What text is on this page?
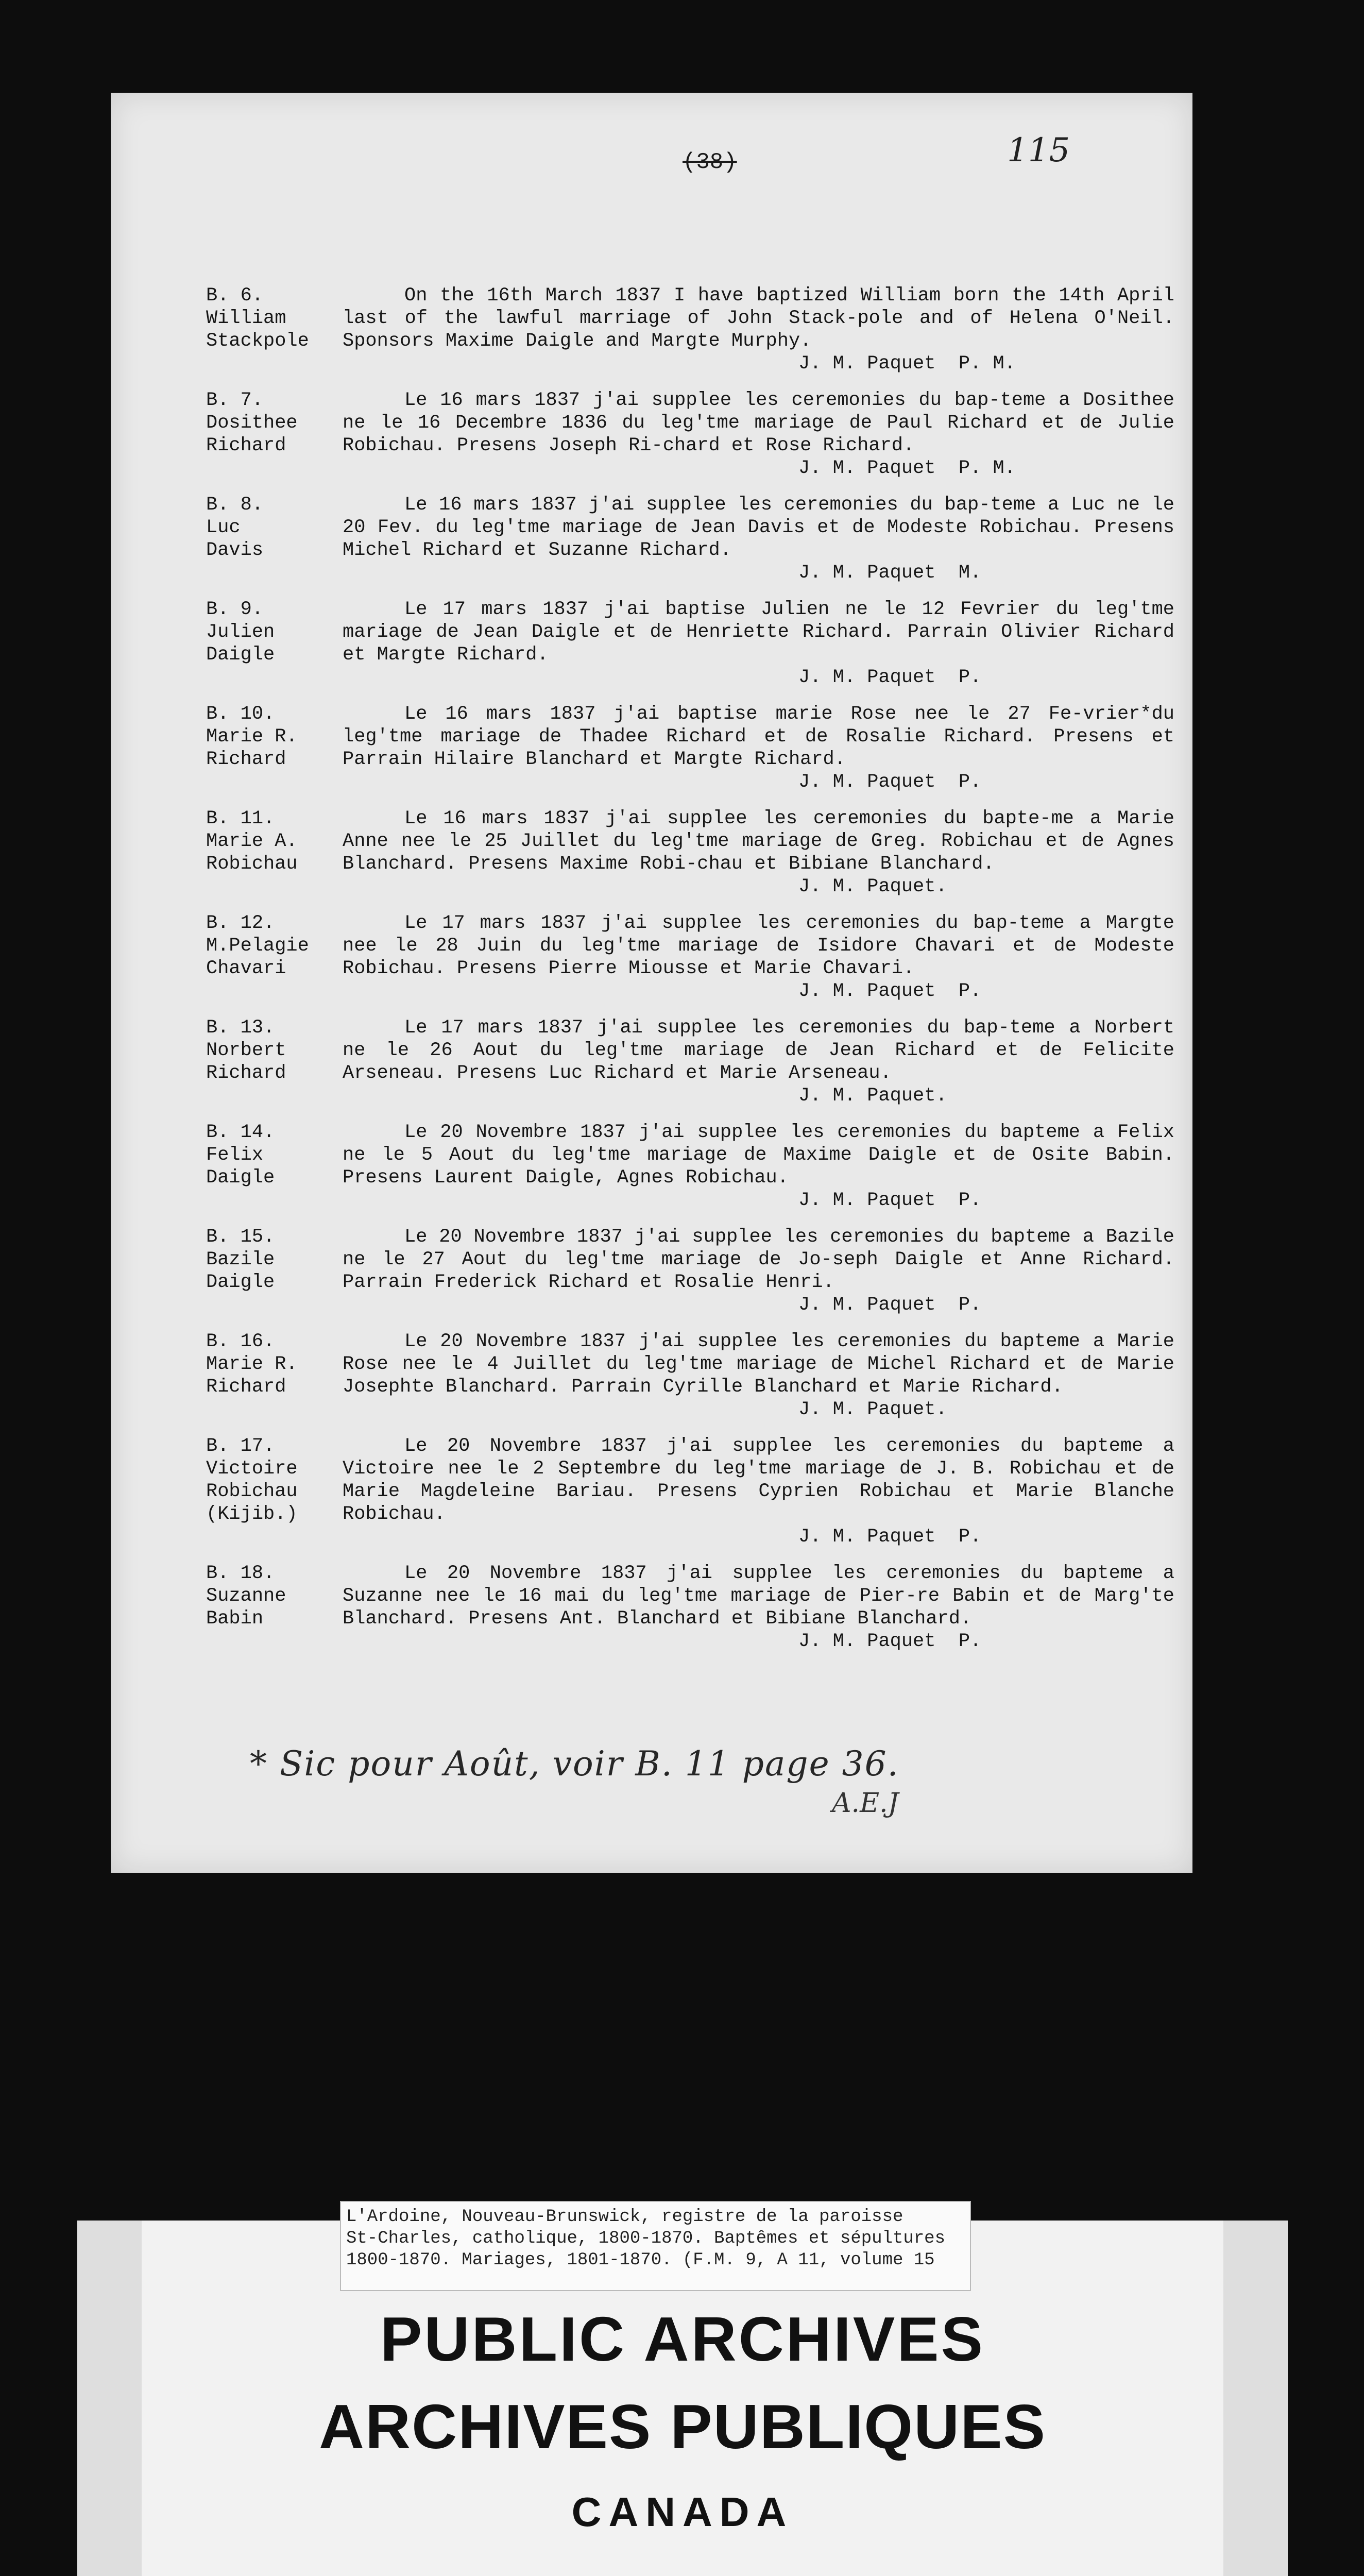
(38)	115
B. 6.
William
Stackpole

On the 16th March 1837 I have baptized William born the 14th April last of the lawful marriage of John Stack-pole and of Helena O'Neil. Sponsors Maxime Daigle and Margte Murphy.

J. M. Paquet  P. M.
B. 7.
Dosithee
Richard

Le 16 mars 1837 j'ai supplee les ceremonies du bap-teme a Dosithee ne le 16 Decembre 1836 du leg'tme mariage de Paul Richard et de Julie Robichau. Presens Joseph Ri-chard et Rose Richard.

J. M. Paquet  P. M.
B. 8.
Luc
Davis

Le 16 mars 1837 j'ai supplee les ceremonies du bap-teme a Luc ne le 20 Fev. du leg'tme mariage de Jean Davis et de Modeste Robichau. Presens Michel Richard et Suzanne Richard.

J. M. Paquet  M.
B. 9.
Julien
Daigle

Le 17 mars 1837 j'ai baptise Julien ne le 12 Fevrier du leg'tme mariage de Jean Daigle et de Henriette Richard. Parrain Olivier Richard et Margte Richard.

J. M. Paquet  P.
B. 10.
Marie R.
Richard

Le 16 mars 1837 j'ai baptise marie Rose nee le 27 Fe-vrier*du leg'tme mariage de Thadee Richard et de Rosalie Richard. Presens et Parrain Hilaire Blanchard et Margte Richard.

J. M. Paquet  P.
B. 11.
Marie A.
Robichau

Le 16 mars 1837 j'ai supplee les ceremonies du bapte-me a Marie Anne nee le 25 Juillet du leg'tme mariage de Greg. Robichau et de Agnes Blanchard. Presens Maxime Robi-chau et Bibiane Blanchard.

J. M. Paquet.
B. 12.
M.Pelagie
Chavari

Le 17 mars 1837 j'ai supplee les ceremonies du bap-teme a Margte nee le 28 Juin du leg'tme mariage de Isidore Chavari et de Modeste Robichau. Presens Pierre Miousse et Marie Chavari.

J. M. Paquet  P.
B. 13.
Norbert
Richard

Le 17 mars 1837 j'ai supplee les ceremonies du bap-teme a Norbert ne le 26 Aout du leg'tme mariage de Jean Richard et de Felicite Arseneau. Presens Luc Richard et Marie Arseneau.

J. M. Paquet.
B. 14.
Felix
Daigle

Le 20 Novembre 1837 j'ai supplee les ceremonies du bapteme a Felix ne le 5 Aout du leg'tme mariage de Maxime Daigle et de Osite Babin. Presens Laurent Daigle, Agnes Robichau.

J. M. Paquet  P.
B. 15.
Bazile
Daigle

Le 20 Novembre 1837 j'ai supplee les ceremonies du bapteme a Bazile ne le 27 Aout du leg'tme mariage de Jo-seph Daigle et Anne Richard. Parrain Frederick Richard et Rosalie Henri.

J. M. Paquet  P.
B. 16.
Marie R.
Richard

Le 20 Novembre 1837 j'ai supplee les ceremonies du bapteme a Marie Rose nee le 4 Juillet du leg'tme mariage de Michel Richard et de Marie Josephte Blanchard. Parrain Cyrille Blanchard et Marie Richard.

J. M. Paquet.
B. 17.
Victoire
Robichau
(Kijib.)

Le 20 Novembre 1837 j'ai supplee les ceremonies du bapteme a Victoire nee le 2 Septembre du leg'tme mariage de J. B. Robichau et de Marie Magdeleine Bariau. Presens Cyprien Robichau et Marie Blanche Robichau.

J. M. Paquet  P.
B. 18.
Suzanne
Babin

Le 20 Novembre 1837 j'ai supplee les ceremonies du bapteme a Suzanne nee le 16 mai du leg'tme mariage de Pier-re Babin et de Marg'te Blanchard. Presens Ant. Blanchard et Bibiane Blanchard.

J. M. Paquet  P.
* Sic pour Août, voir B. 11 page 36.
A.E.J
L'Ardoine, Nouveau-Brunswick, registre de la paroisse
St-Charles, catholique, 1800-1870. Baptêmes et sépultures
1800-1870. Mariages, 1801-1870. (F.M. 9, A 11, volume 15
PUBLIC ARCHIVES
ARCHIVES PUBLIQUES
CANADA
